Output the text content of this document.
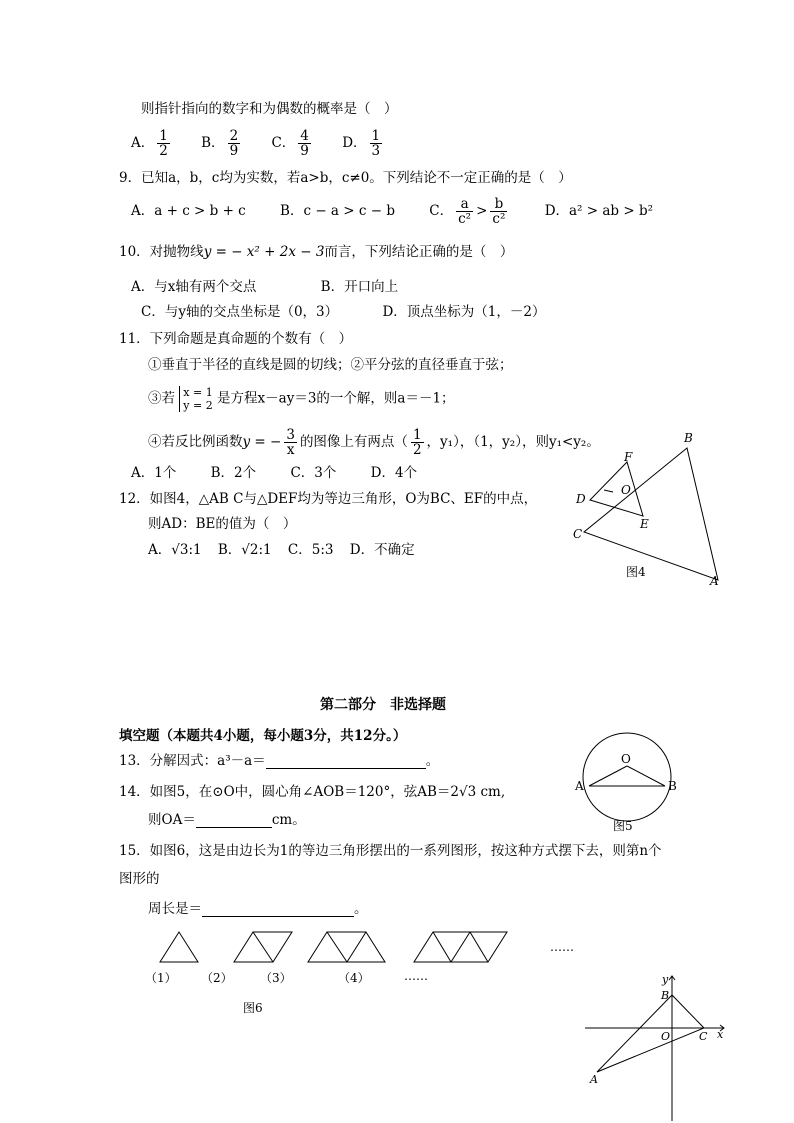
则指针指向的数字和为偶数的概率是（　）
A． $\frac{1}{2}$ B． $\frac{2}{9}$ C． $\frac{4}{9}$ D． $\frac{1}{3}$
9．已知a，b，c均为实数，若a>b，c≠0。下列结论不一定正确的是（　）
A．a + c > b + c	B．c − a > c − b	C． $\frac{a}{\text{c²}} > \frac{b}{\text{c²}}$	D．a² > ab > b²
10．对抛物线y = − x² + 2x − 3而言，下列结论正确的是（　）
A．与x轴有两个交点	B．开口向上
C．与y轴的交点坐标是（0，3）	D．顶点坐标为（1，－2）
11．下列命题是真命题的个数有（　）
①垂直于半径的直线是圆的切线；②平分弦的直径垂直于弦；
③若 x = 1
y = 2 是方程x－ay＝3的一个解，则a＝－1；
④若反比例函数y = − $\frac{3}{x}$ 的图像上有两点（ $\frac{1}{2}$ ，y₁），（1，y₂），则y₁<y₂。
A．1个	B．2个	C．3个	D．4个
12．如图4，△AB C与△DEF均为等边三角形，O为BC、EF的中点，
则AD：BE的值为（　）
A．√3:1 B．√2:1 C．5:3 D．不确定
B
F
O
D
E
C
A
图4
第二部分　非选择题
填空题（本题共4小题，每小题3分，共12分。）
13．分解因式：a³－a＝	。
14．如图5，在⊙O中，圆心角∠AOB＝120°，弦AB＝2√3 cm,
则OA＝	cm。
O
A	B
图5
15．如图6，这是由边长为1的等边三角形摆出的一系列图形，按这种方式摆下去，则第n个
图形的
周长是＝	。
……
（1） （2） （3）	（4）	……
图6
y
B
O	C x
A
